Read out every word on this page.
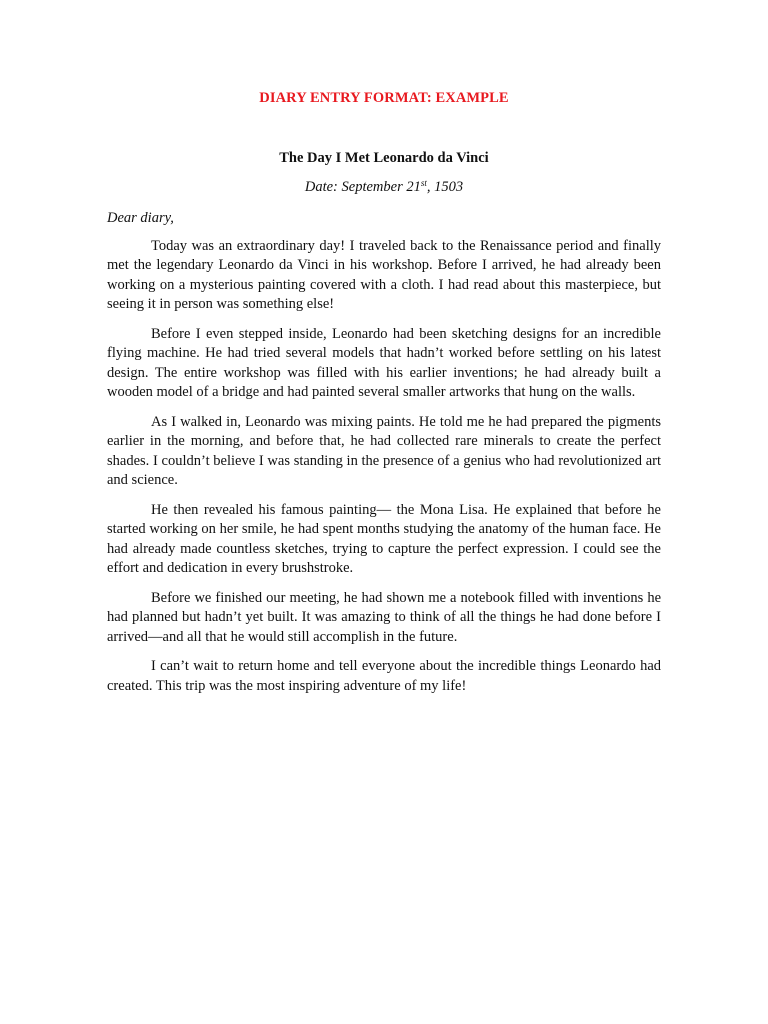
DIARY ENTRY FORMAT: EXAMPLE
The Day I Met Leonardo da Vinci
Date: September 21st, 1503

Dear diary,

Today was an extraordinary day! I traveled back to the Renaissance period and finally met the legendary Leonardo da Vinci in his workshop. Before I arrived, he had already been working on a mysterious painting covered with a cloth. I had read about this masterpiece, but seeing it in person was something else!

Before I even stepped inside, Leonardo had been sketching designs for an incredible flying machine. He had tried several models that hadn’t worked before settling on his latest design. The entire workshop was filled with his earlier inventions; he had already built a wooden model of a bridge and had painted several smaller artworks that hung on the walls.

As I walked in, Leonardo was mixing paints. He told me he had prepared the pigments earlier in the morning, and before that, he had collected rare minerals to create the perfect shades. I couldn’t believe I was standing in the presence of a genius who had revolutionized art and science.

He then revealed his famous painting— the Mona Lisa. He explained that before he started working on her smile, he had spent months studying the anatomy of the human face. He had already made countless sketches, trying to capture the perfect expression. I could see the effort and dedication in every brushstroke.

Before we finished our meeting, he had shown me a notebook filled with inventions he had planned but hadn’t yet built. It was amazing to think of all the things he had done before I arrived—and all that he would still accomplish in the future.

I can’t wait to return home and tell everyone about the incredible things Leonardo had created. This trip was the most inspiring adventure of my life!
